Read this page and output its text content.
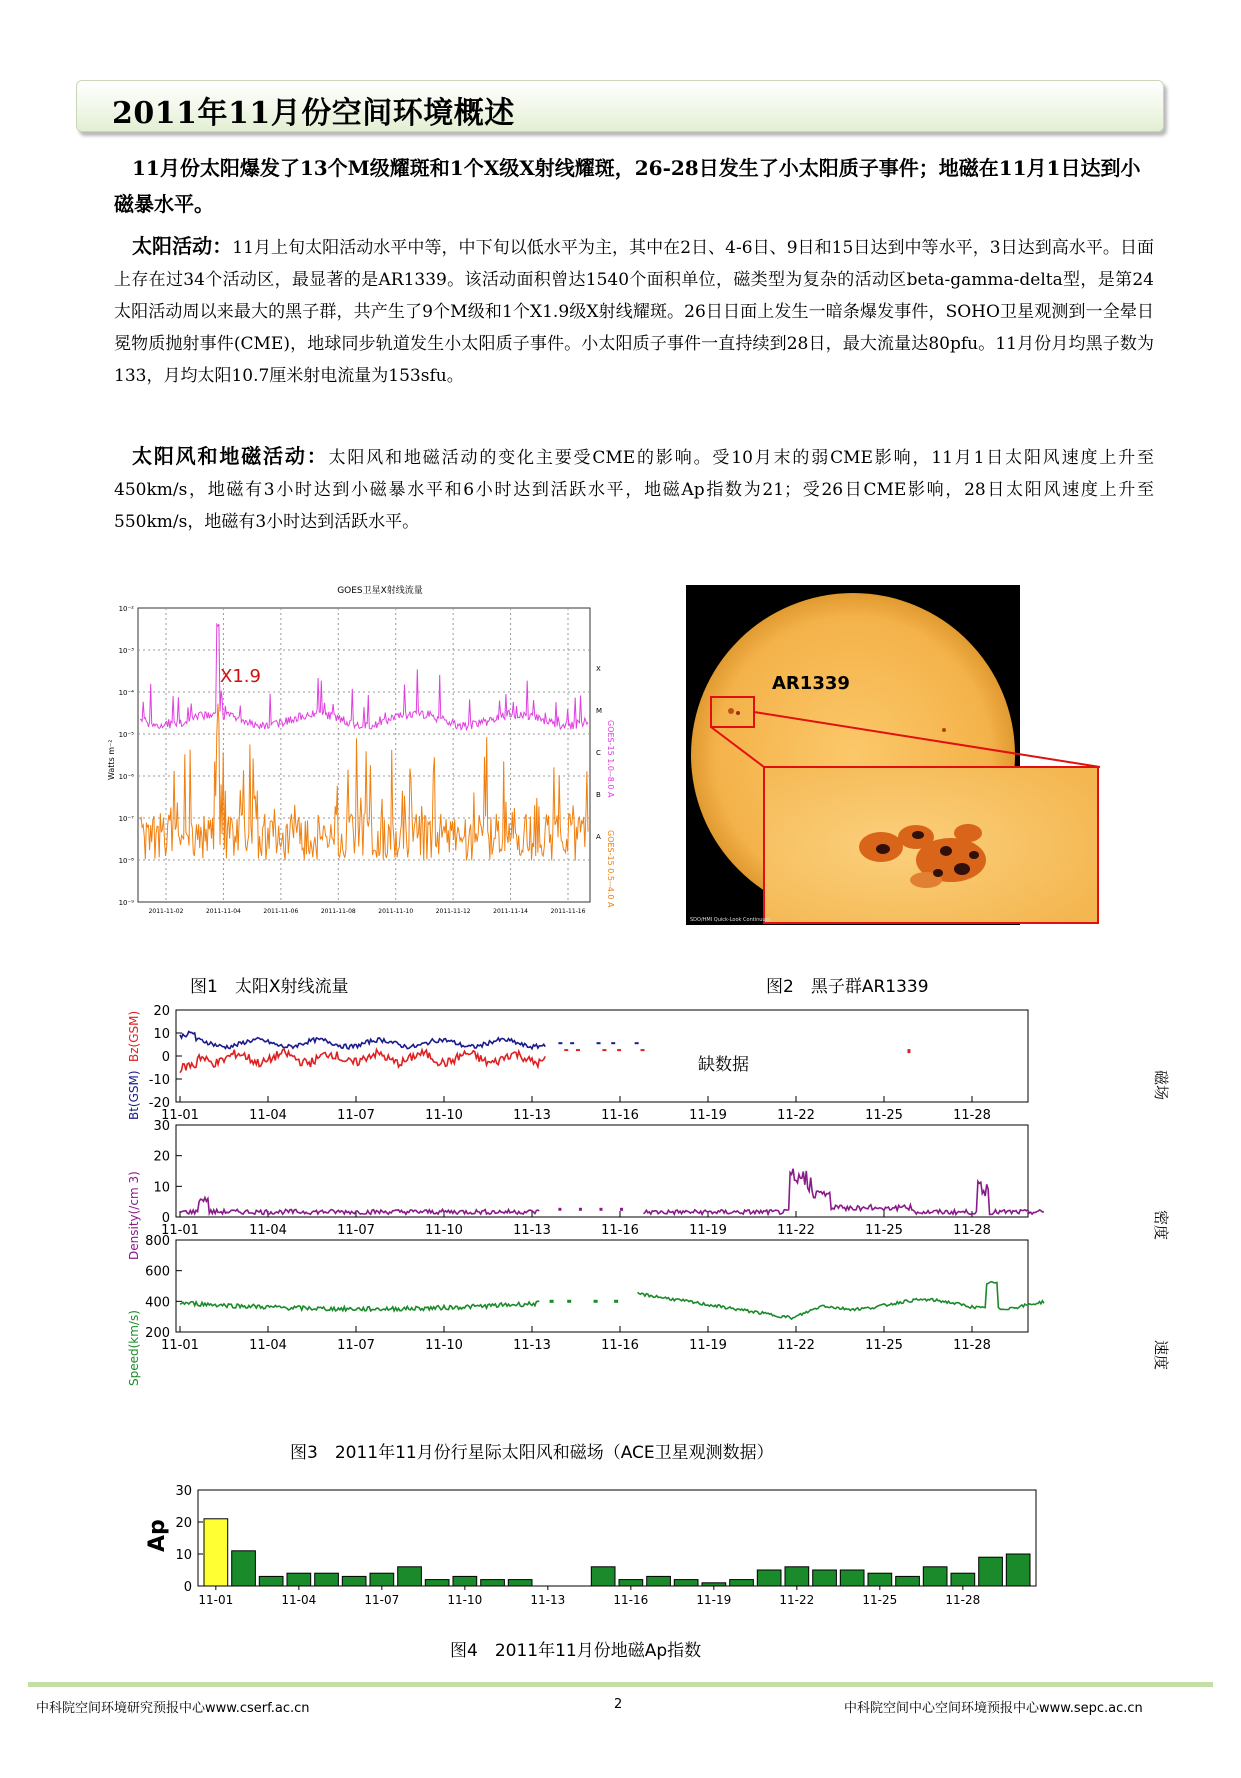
2011年11月份空间环境概述
11月份太阳爆发了13个M级耀斑和1个X级X射线耀斑，26-28日发生了小太阳质子事件；地磁在11月1日达到小磁暴水平。
太阳活动：11月上旬太阳活动水平中等，中下旬以低水平为主，其中在2日、4-6日、9日和15日达到中等水平，3日达到高水平。日面上存在过34个活动区，最显著的是AR1339。该活动面积曾达1540个面积单位，磁类型为复杂的活动区beta-gamma-delta型，是第24太阳活动周以来最大的黑子群，共产生了9个M级和1个X1.9级X射线耀斑。26日日面上发生一暗条爆发事件，SOHO卫星观测到一全晕日冕物质抛射事件(CME)，地球同步轨道发生小太阳质子事件。小太阳质子事件一直持续到28日，最大流量达80pfu。11月份月均黑子数为133，月均太阳10.7厘米射电流量为153sfu。
太阳风和地磁活动：太阳风和地磁活动的变化主要受CME的影响。受10月末的弱CME影响，11月1日太阳风速度上升至450km/s，地磁有3小时达到小磁暴水平和6小时达到活跃水平，地磁Ap指数为21；受26日CME影响，28日太阳风速度上升至550km/s，地磁有3小时达到活跃水平。
GOES卫星X射线流量
10⁻²
10⁻³
10⁻⁴
10⁻⁵
10⁻⁶
10⁻⁷
10⁻⁸
10⁻⁹
2011-11-02	2011-11-04	2011-11-06	2011-11-08	2011-11-10	2011-11-12	2011-11-14	2011-11-16
X
M
C
B
A
X1.9
Watts m⁻²	GOES-15 1.0--8.0 A
GOES-15 0.5--4.0 A
图1　太阳X射线流量
AR1339
SDO/HMI Quick-Look Continuum
图2　黑子群AR1339
20
10
0
-10
-20
11-01	11-04	11-07	11-10	11-13	11-16	11-19	11-22	11-25	11-28
30
20
10
0
11-01	11-04	11-07	11-10	11-13	11-16	11-19	11-22	11-25	11-28
800
600
400
200
11-01	11-04	11-07	11-10	11-13	11-16	11-19	11-22	11-25	11-28
Bt(GSM)
Bz(GSM)
缺数据
磁场
Density(/cm 3)	密度
Speed(km/s)	速度
图3　2011年11月份行星际太阳风和磁场（ACE卫星观测数据）
30
20
10
0
11-01	11-04	11-07	11-10	11-13	11-16	11-19	11-22	11-25	11-28
Ap
图4　2011年11月份地磁Ap指数
中科院空间环境研究预报中心www.cserf.ac.cn	2	中科院空间中心空间环境预报中心www.sepc.ac.cn
